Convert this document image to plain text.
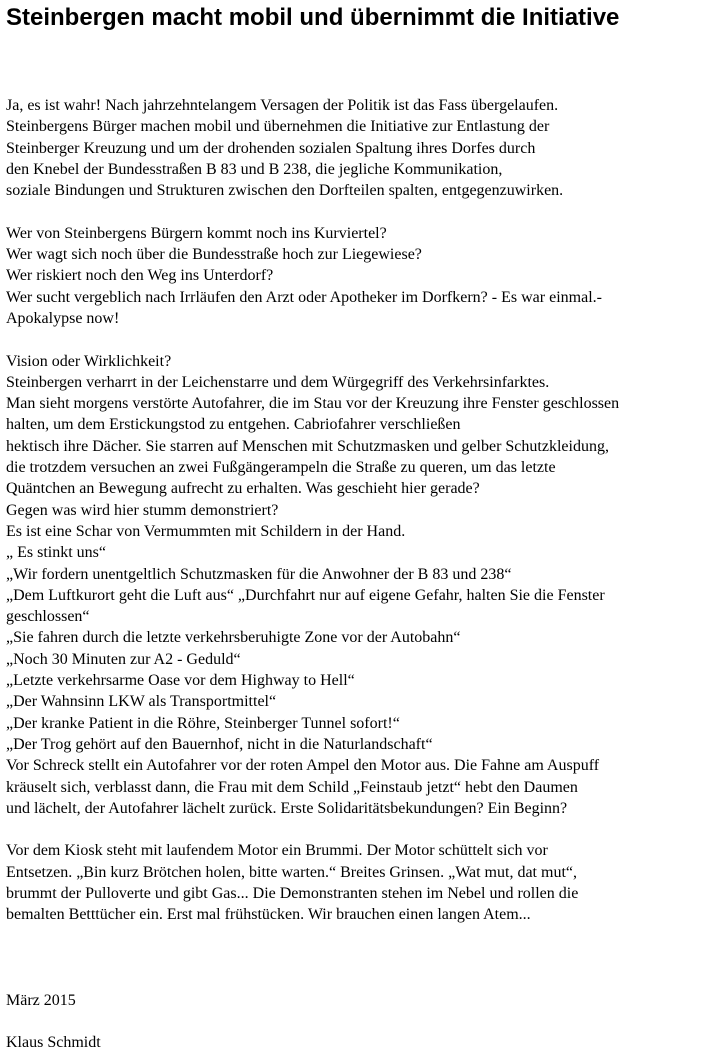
Steinbergen macht mobil und übernimmt die Initiative
Ja, es ist wahr! Nach jahrzehntelangem Versagen der Politik ist das Fass übergelaufen.
Steinbergens Bürger machen mobil und übernehmen die Initiative zur Entlastung der
Steinberger Kreuzung und um der drohenden sozialen Spaltung ihres Dorfes durch
den Knebel der Bundesstraßen B 83 und B 238, die jegliche Kommunikation,
soziale Bindungen und Strukturen zwischen den Dorfteilen spalten, entgegenzuwirken.
Wer von Steinbergens Bürgern kommt noch ins Kurviertel?
Wer wagt sich noch über die Bundesstraße hoch zur Liegewiese?
Wer riskiert noch den Weg ins Unterdorf?
Wer sucht vergeblich nach Irrläufen den Arzt oder Apotheker im Dorfkern? - Es war einmal.-
Apokalypse now!
Vision oder Wirklichkeit?
Steinbergen verharrt in der Leichenstarre und dem Würgegriff des Verkehrsinfarktes.
Man sieht morgens verstörte Autofahrer, die im Stau vor der Kreuzung ihre Fenster geschlossen
halten, um dem Erstickungstod zu entgehen. Cabriofahrer verschließen
hektisch ihre Dächer. Sie starren auf Menschen mit Schutzmasken und gelber Schutzkleidung,
die trotzdem versuchen an zwei Fußgängerampeln die Straße zu queren, um das letzte
Quäntchen an Bewegung aufrecht zu erhalten. Was geschieht hier gerade?
Gegen was wird hier stumm demonstriert?
Es ist eine Schar von Vermummten mit Schildern in der Hand.
„ Es stinkt uns“
„Wir fordern unentgeltlich Schutzmasken für die Anwohner der B 83 und 238“
„Dem Luftkurort geht die Luft aus“ „Durchfahrt nur auf eigene Gefahr, halten Sie die Fenster
geschlossen“
„Sie fahren durch die letzte verkehrsberuhigte Zone vor der Autobahn“
„Noch 30 Minuten zur A2 - Geduld“
„Letzte verkehrsarme Oase vor dem Highway to Hell“
„Der Wahnsinn LKW als Transportmittel“
„Der kranke Patient in die Röhre, Steinberger Tunnel sofort!“
„Der Trog gehört auf den Bauernhof, nicht in die Naturlandschaft“
Vor Schreck stellt ein Autofahrer vor der roten Ampel den Motor aus. Die Fahne am Auspuff
kräuselt sich, verblasst dann, die Frau mit dem Schild „Feinstaub jetzt“ hebt den Daumen
und lächelt, der Autofahrer lächelt zurück. Erste Solidaritätsbekundungen? Ein Beginn?
Vor dem Kiosk steht mit laufendem Motor ein Brummi. Der Motor schüttelt sich vor
Entsetzen. „Bin kurz Brötchen holen, bitte warten.“ Breites Grinsen. „Wat mut, dat mut“,
brummt der Pulloverte und gibt Gas... Die Demonstranten stehen im Nebel und rollen die
bemalten Betttücher ein. Erst mal frühstücken. Wir brauchen einen langen Atem...
März 2015
Klaus Schmidt
